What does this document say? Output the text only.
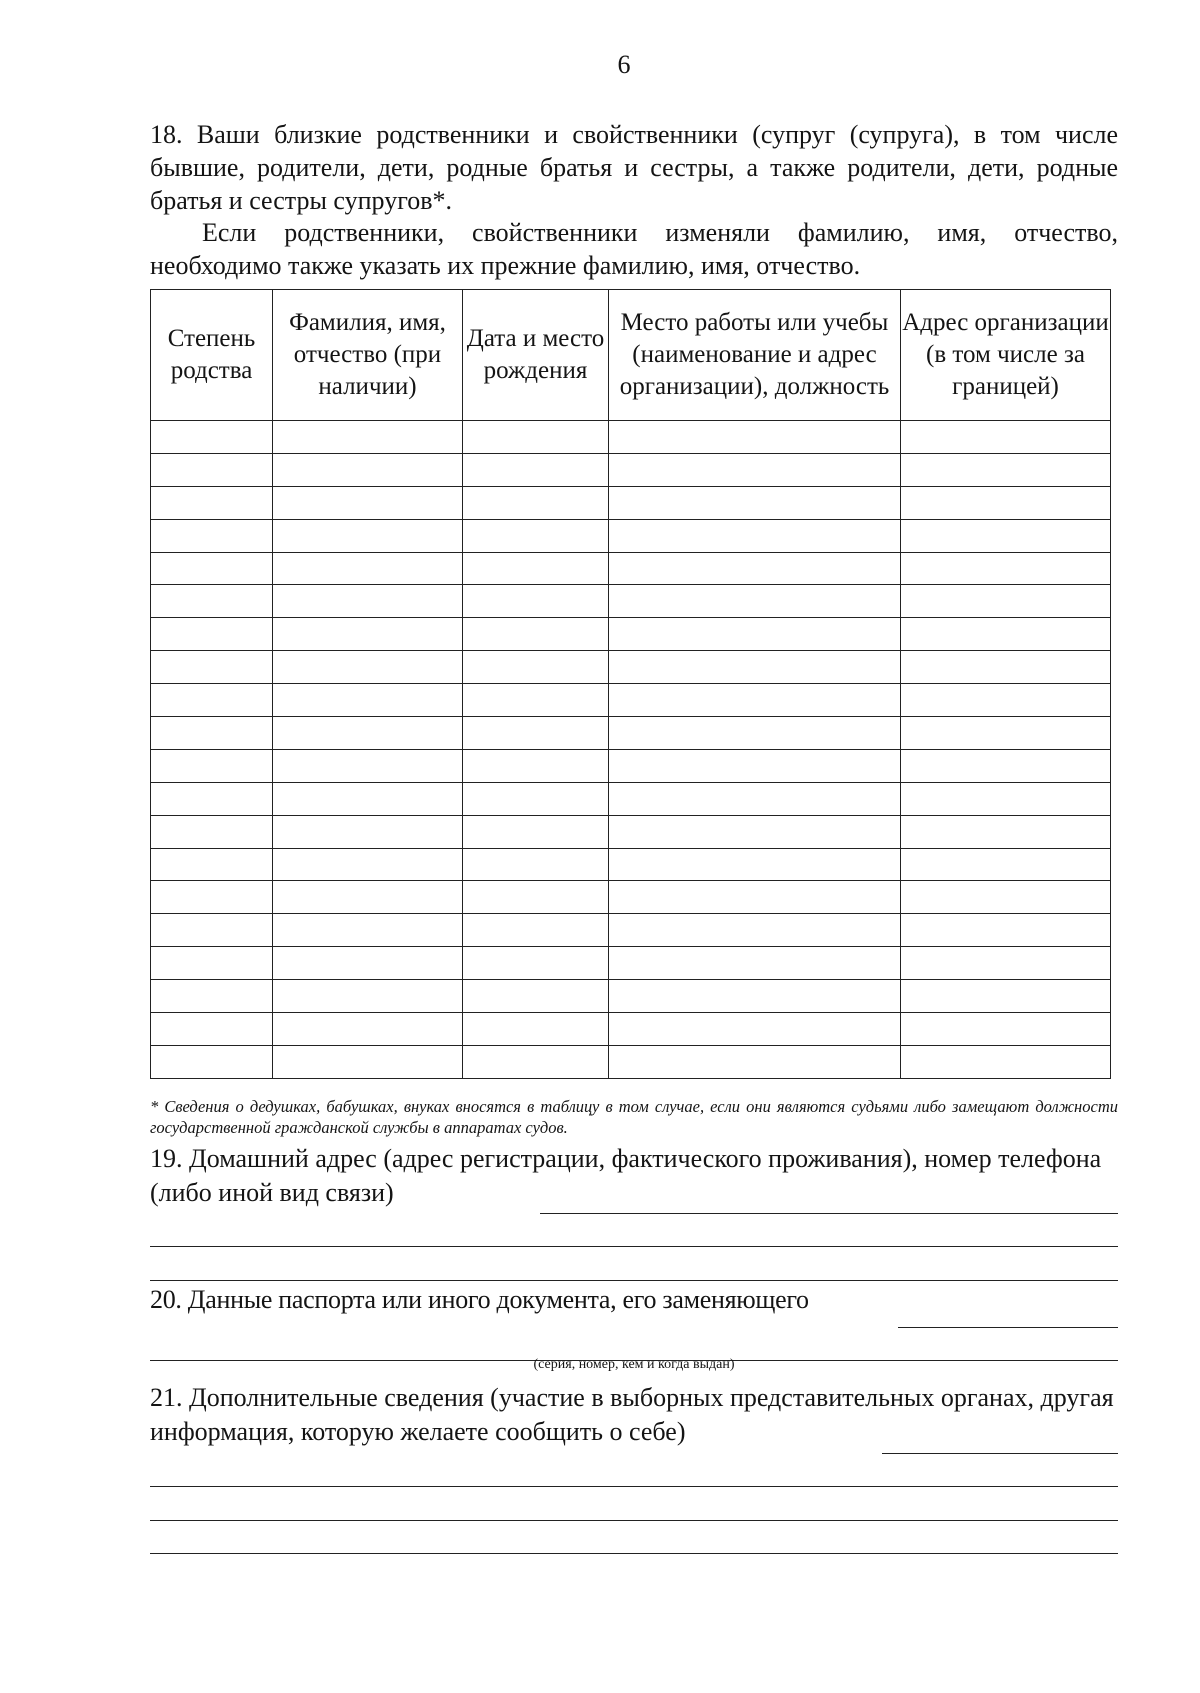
6
18. Ваши близкие родственники и свойственники (супруг (супруга), в том числе бывшие, родители, дети, родные братья и сестры, а также родители, дети, родные братья и сестры супругов*.
Если родственники, свойственники изменяли фамилию, имя, отчество, необходимо также указать их прежние фамилию, имя, отчество.
Степень родства	Фамилия, имя, отчество (при наличии)	Дата и место рождения	Место работы или учебы (наименование и адрес организации), должность	Адрес организации (в том числе за границей)

* Сведения о дедушках, бабушках, внуках вносятся в таблицу в том случае, если они являются судьями либо замещают должности государственной гражданской службы в аппаратах судов.
19. Домашний адрес (адрес регистрации, фактического проживания), номер телефона (либо иной вид связи)
20. Данные паспорта или иного документа, его заменяющего
(серия, номер, кем и когда выдан)
21. Дополнительные сведения (участие в выборных представительных органах, другая информация, которую желаете сообщить о себе)
